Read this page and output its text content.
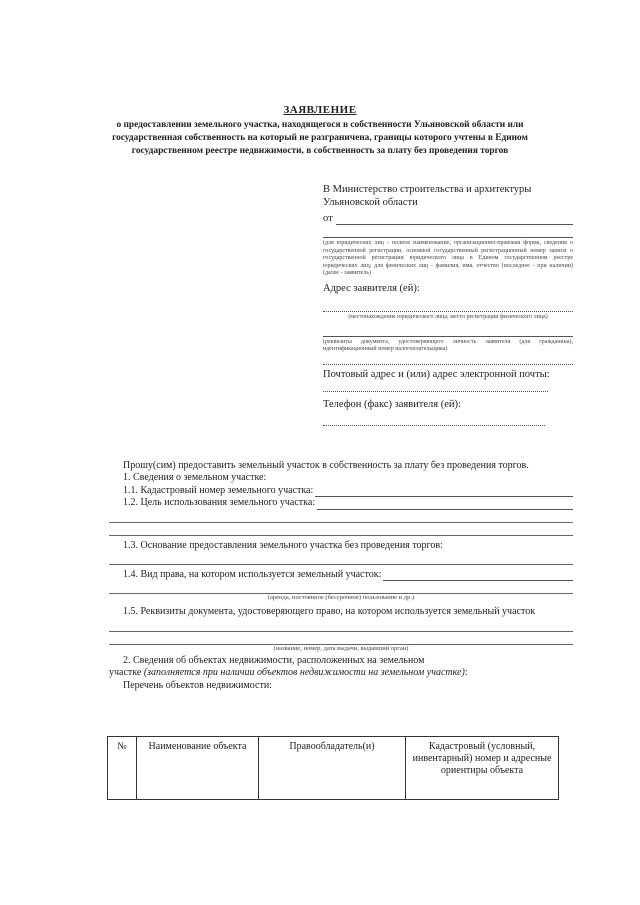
ЗАЯВЛЕНИЕ
о предоставлении земельного участка, находящегося в собственности Ульяновской области или государственная собственность на который не разграничена, границы которого учтены в Едином государственном реестре недвижимости, в собственность за плату без проведения торгов
В Министерство строительства и архитектуры Ульяновской области
от
(для юридических лиц - полное наименование, организационно-правовая форма, сведения о государственной регистрации, основной государственный регистрационный номер записи о государственной регистрации юридического лица в Едином государственном реестре юридических лиц; для физических лиц - фамилия, имя, отчество (последнее - при наличии) (далее - заявитель)
Адрес заявителя (ей):
(местонахождение юридического лица; место регистрации физического лица)
(реквизиты документа, удостоверяющего личность заявителя (для гражданина), идентификационный номер налогоплательщика)
Почтовый адрес и (или) адрес электронной почты:
Телефон (факс) заявителя (ей):

Прошу(сим) предоставить земельный участок в собственность за плату без проведения торгов.

1. Сведения о земельном участке:

1.1. Кадастровый номер земельного участка:
1.2. Цель использования земельного участка:

1.3. Основание предоставления земельного участка без проведения торгов:

1.4. Вид права, на котором используется земельный участок:
(аренда, постоянное (бессрочное) пользование и др.)

1.5. Реквизиты документа, удостоверяющего право, на котором используется земельный участок

(название, номер, дата выдачи, выдавший орган)

2. Сведения об объектах недвижимости, расположенных на земельном

участке (заполняется при наличии объектов недвижимости на земельном участке):

Перечень объектов недвижимости:

№	Наименование объекта	Правообладатель(и)	Кадастровый (условный, инвентарный) номер и адресные ориентиры объекта
